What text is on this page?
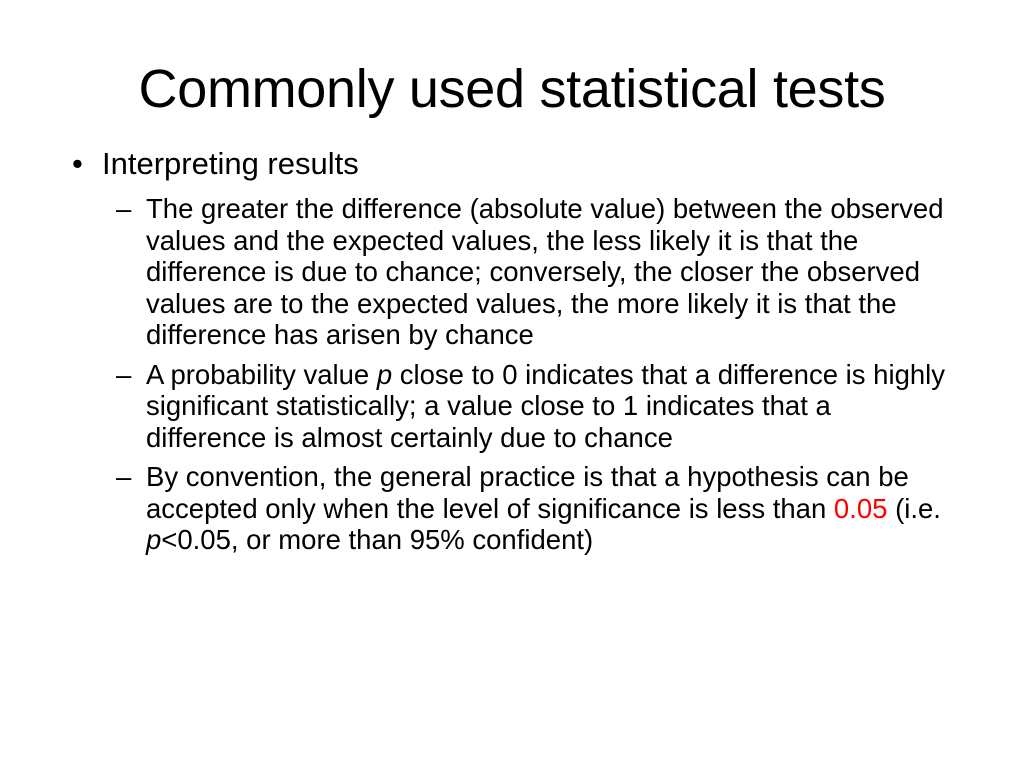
Commonly used statistical tests
• Interpreting results
– The greater the difference (absolute value) between the observed values and the expected values, the less likely it is that the difference is due to chance; conversely, the closer the observed values are to the expected values, the more likely it is that the difference has arisen by chance
– A probability value p close to 0 indicates that a difference is highly significant statistically; a value close to 1 indicates that a difference is almost certainly due to chance
– By convention, the general practice is that a hypothesis can be accepted only when the level of significance is less than 0.05 (i.e. p<0.05, or more than 95% confident)
